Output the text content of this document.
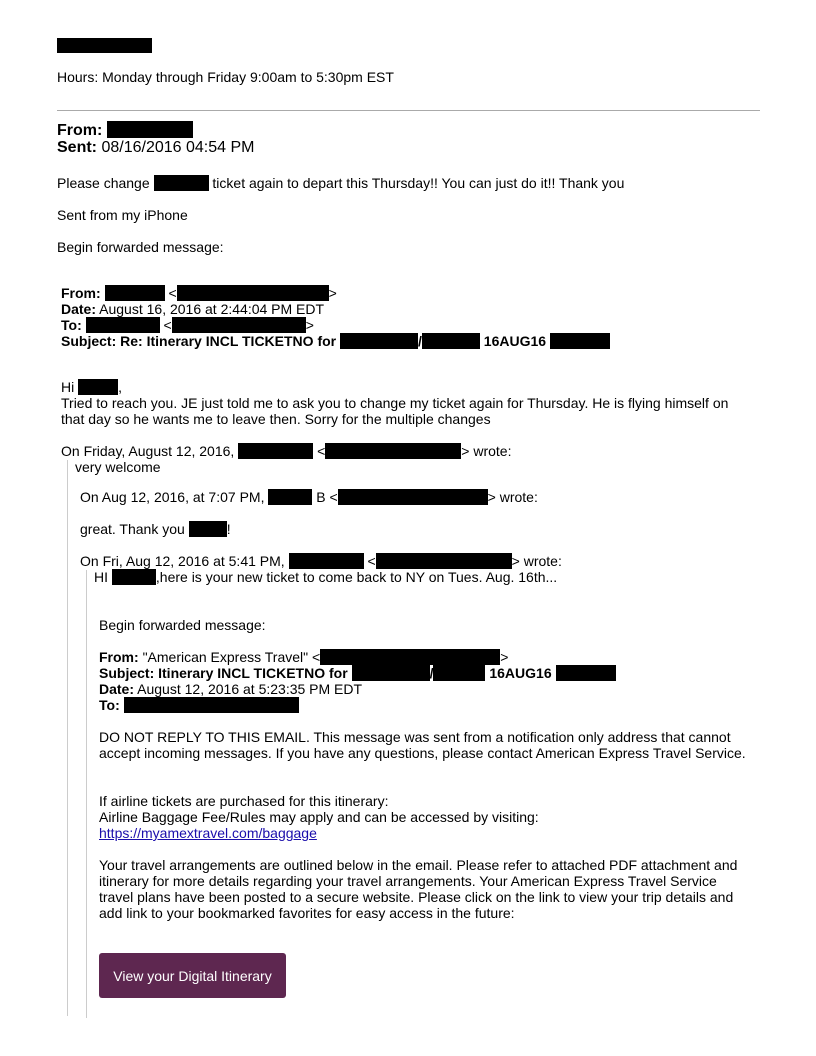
Hours: Monday through Friday 9:00am to 5:30pm EST
From:
Sent: 08/16/2016 04:54 PM
Please change	ticket again to depart this Thursday!! You can just do it!! Thank you
Sent from my iPhone
Begin forwarded message:
From:	<	>
Date: August 16, 2016 at 2:44:04 PM EDT
To:	<	>
Subject: Re: Itinerary INCL TICKETNO for	/	16AUG16
Hi	,
Tried to reach you. JE just told me to ask you to change my ticket again for Thursday. He is flying himself on that day so he wants me to leave then. Sorry for the multiple changes
On Friday, August 12, 2016,	<	> wrote:
very welcome
On Aug 12, 2016, at 7:07 PM,	B <	> wrote:
great. Thank you	!
On Fri, Aug 12, 2016 at 5:41 PM,	<	> wrote:
HI	,here is your new ticket to come back to NY on Tues. Aug. 16th...
Begin forwarded message:
From: "American Express Travel" <	>
Subject: Itinerary INCL TICKETNO for	/	16AUG16
Date: August 12, 2016 at 5:23:35 PM EDT
To:
DO NOT REPLY TO THIS EMAIL. This message was sent from a notification only address that cannot accept incoming messages. If you have any questions, please contact American Express Travel Service.
If airline tickets are purchased for this itinerary:
Airline Baggage Fee/Rules may apply and can be accessed by visiting:
https://myamextravel.com/baggage
Your travel arrangements are outlined below in the email. Please refer to attached PDF attachment and itinerary for more details regarding your travel arrangements. Your American Express Travel Service travel plans have been posted to a secure website. Please click on the link to view your trip details and add link to your bookmarked favorites for easy access in the future:
View your Digital Itinerary
